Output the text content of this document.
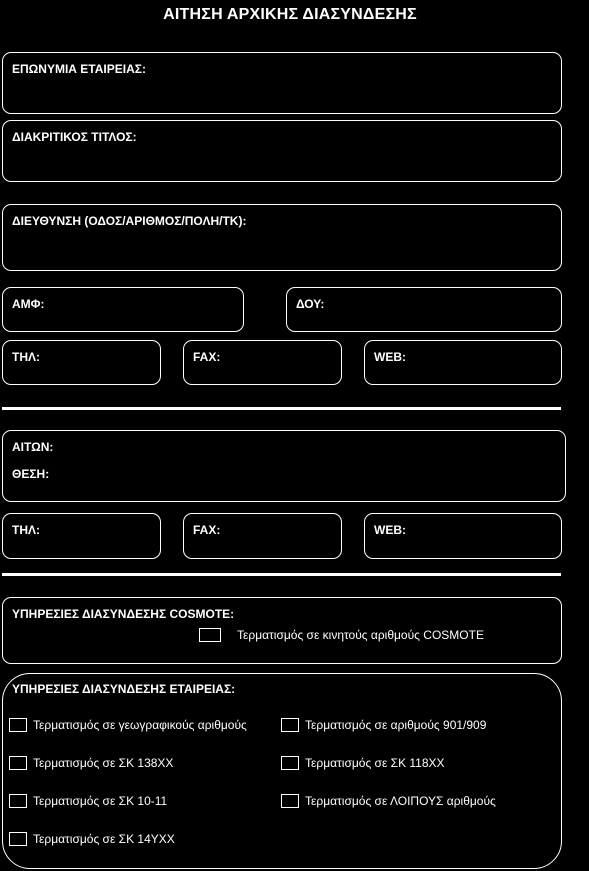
ΑΙΤΗΣΗ ΑΡΧΙΚΗΣ ΔΙΑΣΥΝΔΕΣΗΣ
ΕΠΩΝΥΜΙΑ ΕΤΑΙΡΕΙΑΣ:
ΔΙΑΚΡΙΤΙΚΟΣ ΤΙΤΛΟΣ:
ΔΙΕΥΘΥΝΣΗ (ΟΔΟΣ/ΑΡΙΘΜΟΣ/ΠΟΛΗ/ΤΚ):
ΑΜΦ:	ΔΟΥ:
ΤΗΛ:	FAX:	WEB:
ΑΙΤΩΝ:
ΘΕΣΗ:
ΤΗΛ:	FAX:	WEB:
ΥΠΗΡΕΣΙΕΣ ΔΙΑΣΥΝΔΕΣΗΣ COSMOTE:
Τερματισμός σε κινητούς αριθμούς COSMOTE
ΥΠΗΡΕΣΙΕΣ ΔΙΑΣΥΝΔΕΣΗΣ ΕΤΑΙΡΕΙΑΣ:
Τερματισμός σε γεωγραφικούς αριθμούς	Τερματισμός σε αριθμούς 901/909
Τερματισμός σε ΣΚ 138ΧΧ	Τερματισμός σε ΣΚ 118ΧΧ
Τερματισμός σε ΣΚ 10-11	Τερματισμός σε ΛΟΙΠΟΥΣ αριθμούς
Τερματισμός σε ΣΚ 14ΥΧΧ
